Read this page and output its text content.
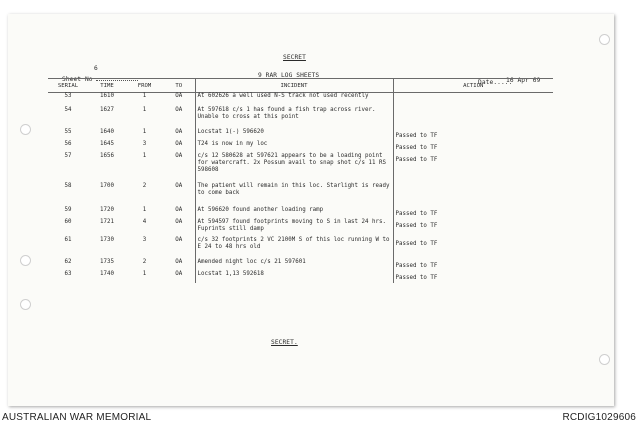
SECRET
Sheet No
6
9 RAR LOG SHEETS
Date.....
16 Apr 69
SERIAL	TIME	FROM	TO	INCIDENT	ACTION
53	1610	1	OA	At 602626 a well used N-S track not used recently	
54	1627	1	OA	At 597618 c/s 1 has found a fish trap across river. Unable to cross at this point	
55	1640	1	OA	Locstat 1(-) 596620	Passed to TF
56	1645	3	OA	T24 is now in my loc	Passed to TF
57	1656	1	OA	c/s 12 580628 at 597621 appears to be a loading point for watercraft. 2x Possum avail to snap shot c/s 11 RS 598608	Passed to TF
58	1700	2	OA	The patient will remain in this loc. Starlight is ready to come back	
59	1720	1	OA	At 596620 found another loading ramp	Passed to TF
60	1721	4	OA	At 594597 found footprints moving to S in last 24 hrs. Fuprints still damp	Passed to TF
61	1730	3	OA	c/s 32 footprints 2 VC 2100M S of this loc running W to E 24 to 48 hrs old	Passed to TF
62	1735	2	OA	Amended night loc c/s 21 597601	Passed to TF
63	1740	1	OA	Locstat 1,13 592618	Passed to TF
SECRET.
AUSTRALIAN WAR MEMORIAL	RCDIG1029606
